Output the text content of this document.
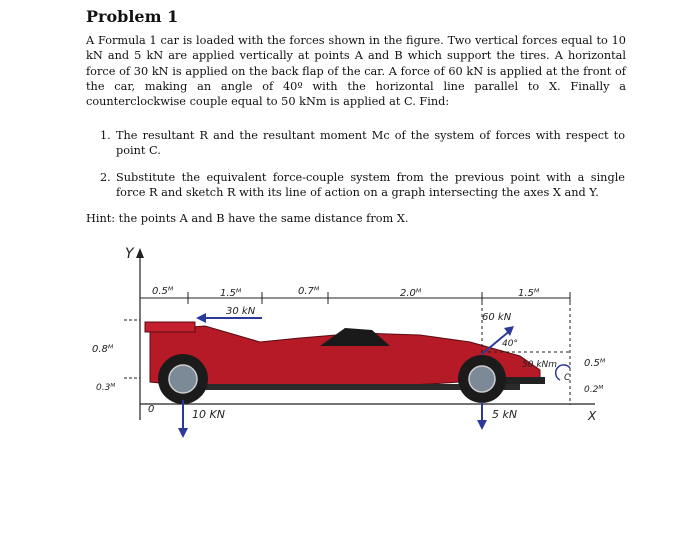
Problem 1
A Formula 1 car is loaded with the forces shown in the figure. Two vertical forces equal to 10 kN and 5 kN are applied vertically at points A and B which support the tires. A horizontal force of 30 kN is applied on the back flap of the car. A force of 60 kN is applied at the front of the car, making an angle of 40º with the horizontal line parallel to X. Finally a counterclockwise couple equal to 50 kNm is applied at C. Find:
1. The resultant R and the resultant moment Mc of the system of forces with respect to point C.
2. Substitute the equivalent force-couple system from the previous point with a single force R and sketch R with its line of action on a graph intersecting the axes X and Y.
Hint: the points A and B have the same distance from X.
Y
0.5ᴹ	1.5ᴹ	0.7ᴹ	2.0ᴹ	1.5ᴹ
30 kN
0.8ᴹ
0.3ᴹ
60 kN
40°
50 kNm
C
0.5ᴹ
0.2ᴹ
X
0	10 KN	5 kN
